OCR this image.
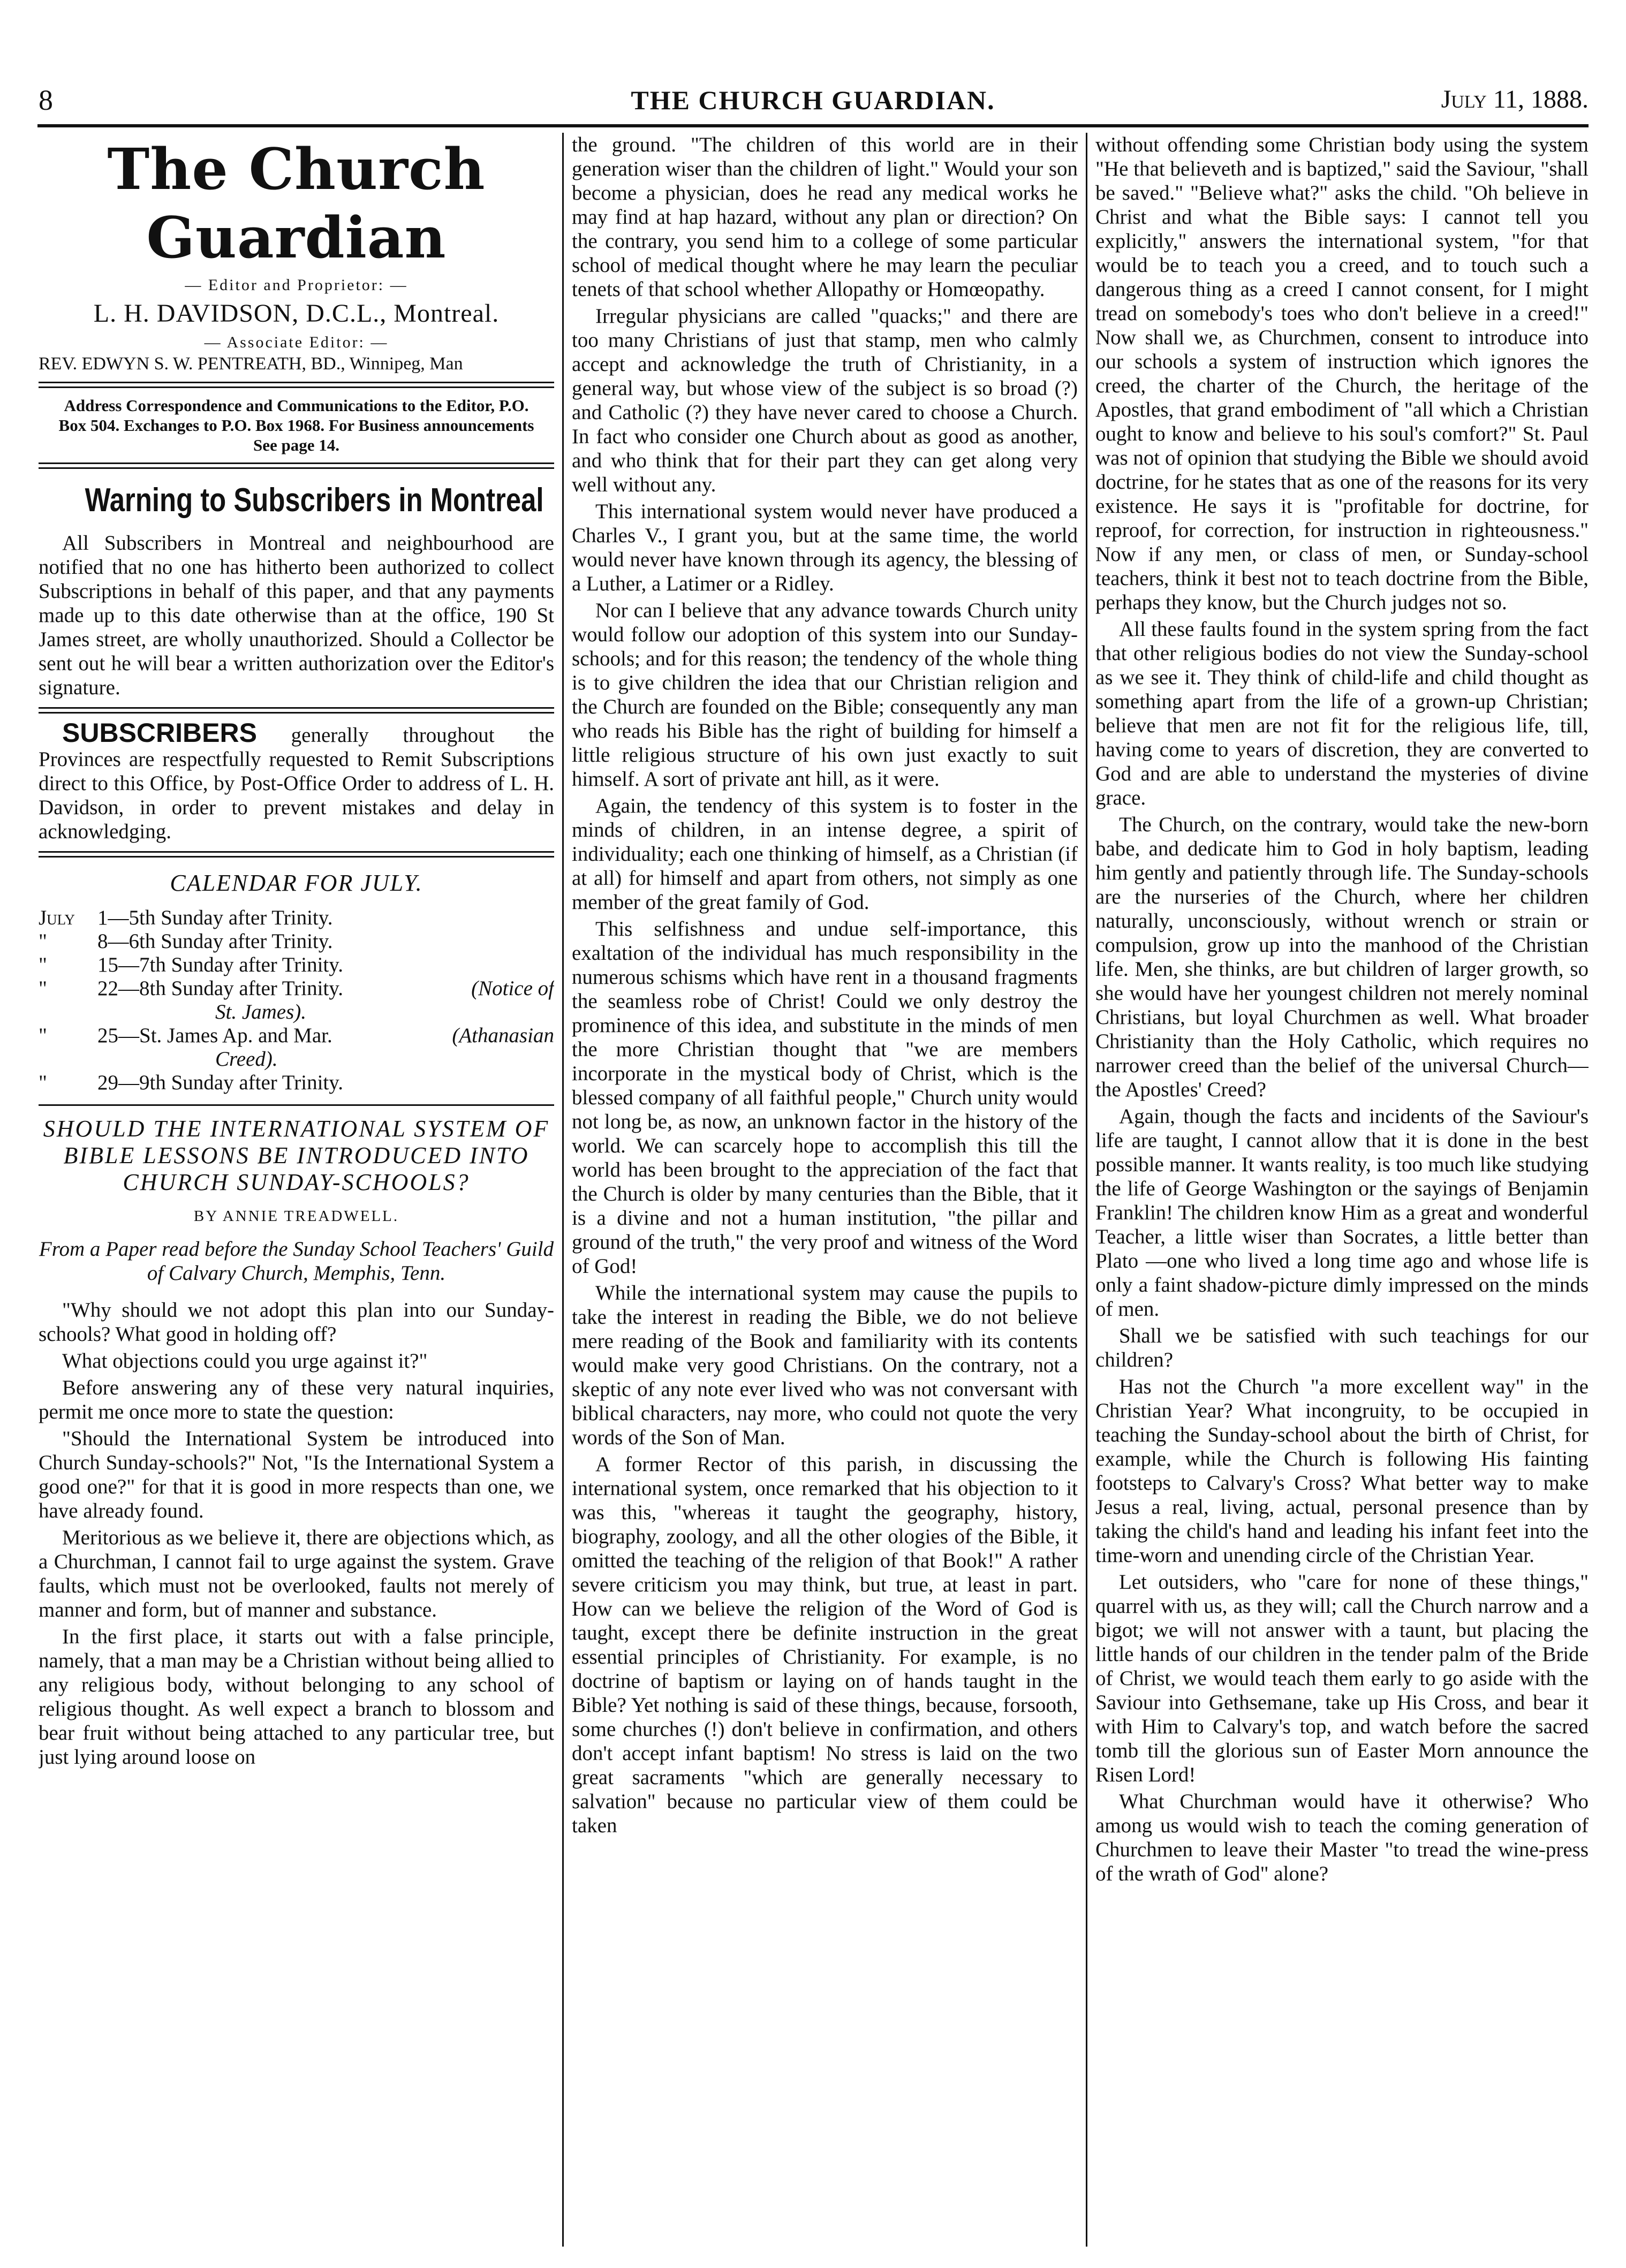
8	THE CHURCH GUARDIAN.	July 11, 1888.
The Church Guardian
— Editor and Proprietor: —
L. H. DAVIDSON, D.C.L., Montreal.
— Associate Editor: —
REV. EDWYN S. W. PENTREATH, BD., Winnipeg, Man
Address Correspondence and Communications to the Editor, P.O. Box 504. Exchanges to P.O. Box 1968. For Business announcements See page 14.
Warning to Subscribers in Montreal

All Subscribers in Montreal and neighbourhood are notified that no one has hitherto been authorized to collect Subscriptions in behalf of this paper, and that any payments made up to this date otherwise than at the office, 190 St James street, are wholly unauthorized. Should a Collector be sent out he will bear a written authorization over the Editor's signature.

SUBSCRIBERS generally throughout the Provinces are respectfully requested to Remit Subscriptions direct to this Office, by Post-Office Order to address of L. H. Davidson, in order to prevent mistakes and delay in acknowledging.

CALENDAR FOR JULY.
July	1—5th Sunday after Trinity.
"	8—6th Sunday after Trinity.
"	15—7th Sunday after Trinity.
"	22—8th Sunday after Trinity.	(Notice of
St. James).
"	25—St. James Ap. and Mar.	(Athanasian
Creed).
"	29—9th Sunday after Trinity.
SHOULD THE INTERNATIONAL SYSTEM OF BIBLE LESSONS BE INTRODUCED INTO CHURCH SUNDAY-SCHOOLS?
BY ANNIE TREADWELL.
From a Paper read before the Sunday School Teachers' Guild of Calvary Church, Memphis, Tenn.

"Why should we not adopt this plan into our Sunday-schools? What good in holding off?

What objections could you urge against it?"

Before answering any of these very natural inquiries, permit me once more to state the question:

"Should the International System be introduced into Church Sunday-schools?" Not, "Is the International System a good one?" for that it is good in more respects than one, we have already found.

Meritorious as we believe it, there are objections which, as a Churchman, I cannot fail to urge against the system. Grave faults, which must not be overlooked, faults not merely of manner and form, but of manner and substance.

In the first place, it starts out with a false principle, namely, that a man may be a Christian without being allied to any religious body, without belonging to any school of religious thought. As well expect a branch to blossom and bear fruit without being attached to any particular tree, but just lying around loose on

the ground. "The children of this world are in their generation wiser than the children of light." Would your son become a physician, does he read any medical works he may find at hap hazard, without any plan or direction? On the contrary, you send him to a college of some particular school of medical thought where he may learn the peculiar tenets of that school whether Allopathy or Homœopathy.

Irregular physicians are called "quacks;" and there are too many Christians of just that stamp, men who calmly accept and acknowledge the truth of Christianity, in a general way, but whose view of the subject is so broad (?) and Catholic (?) they have never cared to choose a Church. In fact who consider one Church about as good as another, and who think that for their part they can get along very well without any.

This international system would never have produced a Charles V., I grant you, but at the same time, the world would never have known through its agency, the blessing of a Luther, a Latimer or a Ridley.

Nor can I believe that any advance towards Church unity would follow our adoption of this system into our Sunday-schools; and for this reason; the tendency of the whole thing is to give children the idea that our Christian religion and the Church are founded on the Bible; consequently any man who reads his Bible has the right of building for himself a little religious structure of his own just exactly to suit himself. A sort of private ant hill, as it were.

Again, the tendency of this system is to foster in the minds of children, in an intense degree, a spirit of individuality; each one thinking of himself, as a Christian (if at all) for himself and apart from others, not simply as one member of the great family of God.

This selfishness and undue self-importance, this exaltation of the individual has much responsibility in the numerous schisms which have rent in a thousand fragments the seamless robe of Christ! Could we only destroy the prominence of this idea, and substitute in the minds of men the more Christian thought that "we are members incorporate in the mystical body of Christ, which is the blessed company of all faithful people," Church unity would not long be, as now, an unknown factor in the history of the world. We can scarcely hope to accomplish this till the world has been brought to the appreciation of the fact that the Church is older by many centuries than the Bible, that it is a divine and not a human institution, "the pillar and ground of the truth," the very proof and witness of the Word of God!

While the international system may cause the pupils to take the interest in reading the Bible, we do not believe mere reading of the Book and familiarity with its contents would make very good Christians. On the contrary, not a skeptic of any note ever lived who was not conversant with biblical characters, nay more, who could not quote the very words of the Son of Man.

A former Rector of this parish, in discussing the international system, once remarked that his objection to it was this, "whereas it taught the geography, history, biography, zoology, and all the other ologies of the Bible, it omitted the teaching of the religion of that Book!" A rather severe criticism you may think, but true, at least in part. How can we believe the religion of the Word of God is taught, except there be definite instruction in the great essential principles of Christianity. For example, is no doctrine of baptism or laying on of hands taught in the Bible? Yet nothing is said of these things, because, forsooth, some churches (!) don't believe in confirmation, and others don't accept infant baptism! No stress is laid on the two great sacraments "which are generally necessary to salvation" because no particular view of them could be taken

without offending some Christian body using the system "He that believeth and is baptized," said the Saviour, "shall be saved." "Believe what?" asks the child. "Oh believe in Christ and what the Bible says: I cannot tell you explicitly," answers the international system, "for that would be to teach you a creed, and to touch such a dangerous thing as a creed I cannot consent, for I might tread on somebody's toes who don't believe in a creed!" Now shall we, as Churchmen, consent to introduce into our schools a system of instruction which ignores the creed, the charter of the Church, the heritage of the Apostles, that grand embodiment of "all which a Christian ought to know and believe to his soul's comfort?" St. Paul was not of opinion that studying the Bible we should avoid doctrine, for he states that as one of the reasons for its very existence. He says it is "profitable for doctrine, for reproof, for correction, for instruction in righteousness." Now if any men, or class of men, or Sunday-school teachers, think it best not to teach doctrine from the Bible, perhaps they know, but the Church judges not so.

All these faults found in the system spring from the fact that other religious bodies do not view the Sunday-school as we see it. They think of child-life and child thought as something apart from the life of a grown-up Christian; believe that men are not fit for the religious life, till, having come to years of discretion, they are converted to God and are able to understand the mysteries of divine grace.

The Church, on the contrary, would take the new-born babe, and dedicate him to God in holy baptism, leading him gently and patiently through life. The Sunday-schools are the nurseries of the Church, where her children naturally, unconsciously, without wrench or strain or compulsion, grow up into the manhood of the Christian life. Men, she thinks, are but children of larger growth, so she would have her youngest children not merely nominal Christians, but loyal Churchmen as well. What broader Christianity than the Holy Catholic, which requires no narrower creed than the belief of the universal Church—the Apostles' Creed?

Again, though the facts and incidents of the Saviour's life are taught, I cannot allow that it is done in the best possible manner. It wants reality, is too much like studying the life of George Washington or the sayings of Benjamin Franklin! The children know Him as a great and wonderful Teacher, a little wiser than Socrates, a little better than Plato —one who lived a long time ago and whose life is only a faint shadow-picture dimly impressed on the minds of men.

Shall we be satisfied with such teachings for our children?

Has not the Church "a more excellent way" in the Christian Year? What incongruity, to be occupied in teaching the Sunday-school about the birth of Christ, for example, while the Church is following His fainting footsteps to Calvary's Cross? What better way to make Jesus a real, living, actual, personal presence than by taking the child's hand and leading his infant feet into the time-worn and unending circle of the Christian Year.

Let outsiders, who "care for none of these things," quarrel with us, as they will; call the Church narrow and a bigot; we will not answer with a taunt, but placing the little hands of our children in the tender palm of the Bride of Christ, we would teach them early to go aside with the Saviour into Gethsemane, take up His Cross, and bear it with Him to Calvary's top, and watch before the sacred tomb till the glorious sun of Easter Morn announce the Risen Lord!

What Churchman would have it otherwise? Who among us would wish to teach the coming generation of Churchmen to leave their Master "to tread the wine-press of the wrath of God" alone?
